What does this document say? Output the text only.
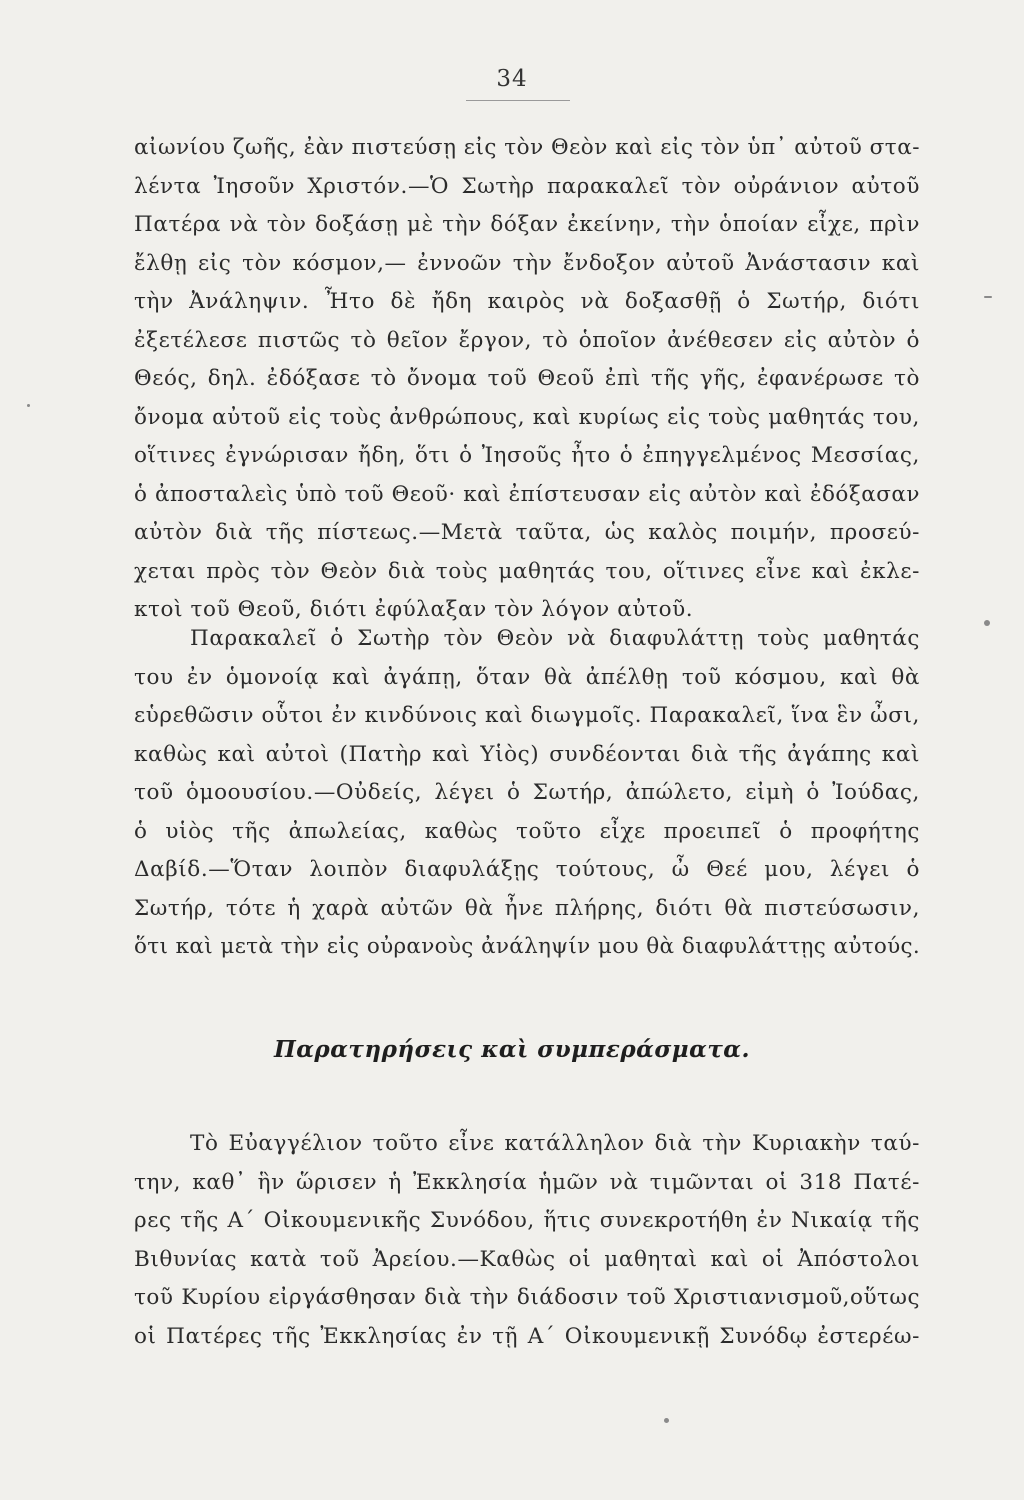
34
αἰωνίου ζωῆς, ἐὰν πιστεύσῃ εἰς τὸν Θεὸν καὶ εἰς τὸν ὑπ᾽ αὐτοῦ στα-
λέντα Ἰησοῦν Χριστόν.—Ὁ Σωτὴρ παρακαλεῖ τὸν οὐράνιον αὐτοῦ
Πατέρα νὰ τὸν δοξάσῃ μὲ τὴν δόξαν ἐκείνην, τὴν ὁποίαν εἶχε, πρὶν
ἔλθῃ εἰς τὸν κόσμον,— ἐννοῶν τὴν ἔνδοξον αὐτοῦ Ἀνάστασιν καὶ
τὴν Ἀνάληψιν. Ἦτο δὲ ἤδη καιρὸς νὰ δοξασθῇ ὁ Σωτήρ, διότι
ἐξετέλεσε πιστῶς τὸ θεῖον ἔργον, τὸ ὁποῖον ἀνέθεσεν εἰς αὐτὸν ὁ
Θεός, δηλ. ἐδόξασε τὸ ὄνομα τοῦ Θεοῦ ἐπὶ τῆς γῆς, ἐφανέρωσε τὸ
ὄνομα αὐτοῦ εἰς τοὺς ἀνθρώπους, καὶ κυρίως εἰς τοὺς μαθητάς του,
οἵτινες ἐγνώρισαν ἤδη, ὅτι ὁ Ἰησοῦς ἦτο ὁ ἐπηγγελμένος Μεσσίας,
ὁ ἀποσταλεὶς ὑπὸ τοῦ Θεοῦ· καὶ ἐπίστευσαν εἰς αὐτὸν καὶ ἐδόξασαν
αὐτὸν διὰ τῆς πίστεως.—Μετὰ ταῦτα, ὡς καλὸς ποιμήν, προσεύ-
χεται πρὸς τὸν Θεὸν διὰ τοὺς μαθητάς του, οἵτινες εἶνε καὶ ἐκλε-
κτοὶ τοῦ Θεοῦ, διότι ἐφύλαξαν τὸν λόγον αὐτοῦ.
Παρακαλεῖ ὁ Σωτὴρ τὸν Θεὸν νὰ διαφυλάττῃ τοὺς μαθητάς
του ἐν ὁμονοίᾳ καὶ ἀγάπῃ, ὅταν θὰ ἀπέλθῃ τοῦ κόσμου, καὶ θὰ
εὑρεθῶσιν οὗτοι ἐν κινδύνοις καὶ διωγμοῖς. Παρακαλεῖ, ἵνα ἓν ὦσι,
καθὼς καὶ αὐτοὶ (Πατὴρ καὶ Υἱὸς) συνδέονται διὰ τῆς ἀγάπης καὶ
τοῦ ὁμοουσίου.—Οὐδείς, λέγει ὁ Σωτήρ, ἀπώλετο, εἰμὴ ὁ Ἰούδας,
ὁ υἱὸς τῆς ἀπωλείας, καθὼς τοῦτο εἶχε προειπεῖ ὁ προφήτης
Δαβίδ.—Ὅταν λοιπὸν διαφυλάξῃς τούτους, ὦ Θεέ μου, λέγει ὁ
Σωτήρ, τότε ἡ χαρὰ αὐτῶν θὰ ἦνε πλήρης, διότι θὰ πιστεύσωσιν,
ὅτι καὶ μετὰ τὴν εἰς οὐρανοὺς ἀνάληψίν μου θὰ διαφυλάττῃς αὐτούς.
Παρατηρήσεις καὶ συμπεράσματα.
Τὸ Εὐαγγέλιον τοῦτο εἶνε κατάλληλον διὰ τὴν Κυριακὴν ταύ-
την, καθ᾽ ἣν ὥρισεν ἡ Ἐκκλησία ἡμῶν νὰ τιμῶνται οἱ 318 Πατέ-
ρες τῆς Α΄ Οἰκουμενικῆς Συνόδου, ἥτις συνεκροτήθη ἐν Νικαίᾳ τῆς
Βιθυνίας κατὰ τοῦ Ἀρείου.—Καθὼς οἱ μαθηταὶ καὶ οἱ Ἀπόστολοι
τοῦ Κυρίου εἰργάσθησαν διὰ τὴν διάδοσιν τοῦ Χριστιανισμοῦ,οὕτως
οἱ Πατέρες τῆς Ἐκκλησίας ἐν τῇ Α΄ Οἰκουμενικῇ Συνόδῳ ἐστερέω-
